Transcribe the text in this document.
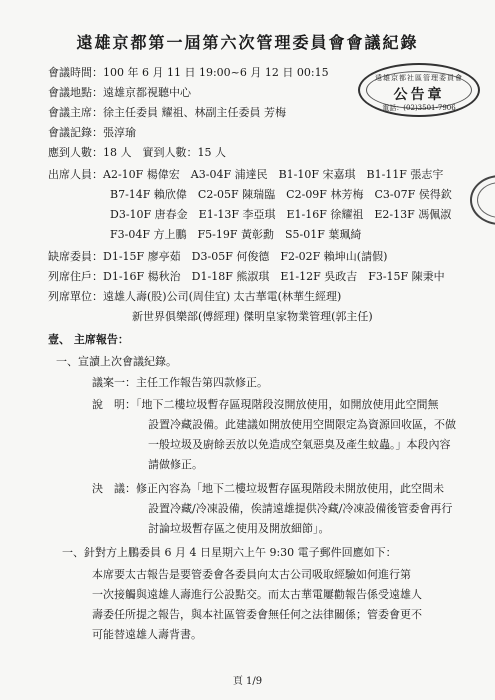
遠雄京都第一屆第六次管理委員會會議紀錄
會議時間：100 年 6 月 11 日 19:00~6 月 12 日 00:15
會議地點：遠雄京都視聽中心
會議主席：徐主任委員 耀祖、林副主任委員 芳梅
會議記錄：張淳瑜
應到人數：18 人　實到人數：15 人
出席人員：A2-10F 楊偉宏　A3-04F 浦達民　B1-10F 宋嘉琪　B1-11F 張志宇
B7-14F 賴欣偉　C2-05F 陳瑞臨　C2-09F 林芳梅　C3-07F 侯得欽
D3-10F 唐春金　E1-13F 李亞琪　E1-16F 徐耀祖　E2-13F 馮佩淑
F3-04F 方上鵬　F5-19F 黃彰勳　S5-01F 葉珮綺
缺席委員：D1-15F 廖亭茹　D3-05F 何俊德　F2-02F 賴坤山(請假)
列席住戶：D1-16F 楊秋治　D1-18F 熊淑琪　E1-12F 吳政吉　F3-15F 陳秉中
列席單位：遠雄人壽(股)公司(周佳宜) 太古華電(林華生經理)
新世界俱樂部(傅經理) 傑明皇家物業管理(郭主任)
壹、 主席報告：
一、宣讀上次會議紀錄。
議案一：主任工作報告第四款修正。
說　明：「地下二樓垃圾暫存區現階段沒開放使用，如開放使用此空間無
設置冷藏設備。此建議如開放使用空間限定為資源回收區，不做
一般垃圾及廚餘丟放以免造成空氣惡臭及產生蚊蟲。」本段內容
請做修正。
決　議：修正內容為「地下二樓垃圾暫存區現階段未開放使用，此空間未
設置冷藏/冷凍設備，俟請遠雄提供冷藏/冷凍設備後管委會再行
討論垃圾暫存區之使用及開放細節」。
一、針對方上鵬委員 6 月 4 日星期六上午 9:30 電子郵件回應如下：
本席要太古報告是要管委會各委員向太古公司吸取經驗如何進行第
一次接觸與遠雄人壽進行公設點交。而太古華電屢勸報告係受遠雄人
壽委任所提之報告，與本社區管委會無任何之法律關係；管委會更不
可能替遠雄人壽背書。
遠雄京都社區管理委員會
公告章
電話：(02)3501-7906
頁 1/9
